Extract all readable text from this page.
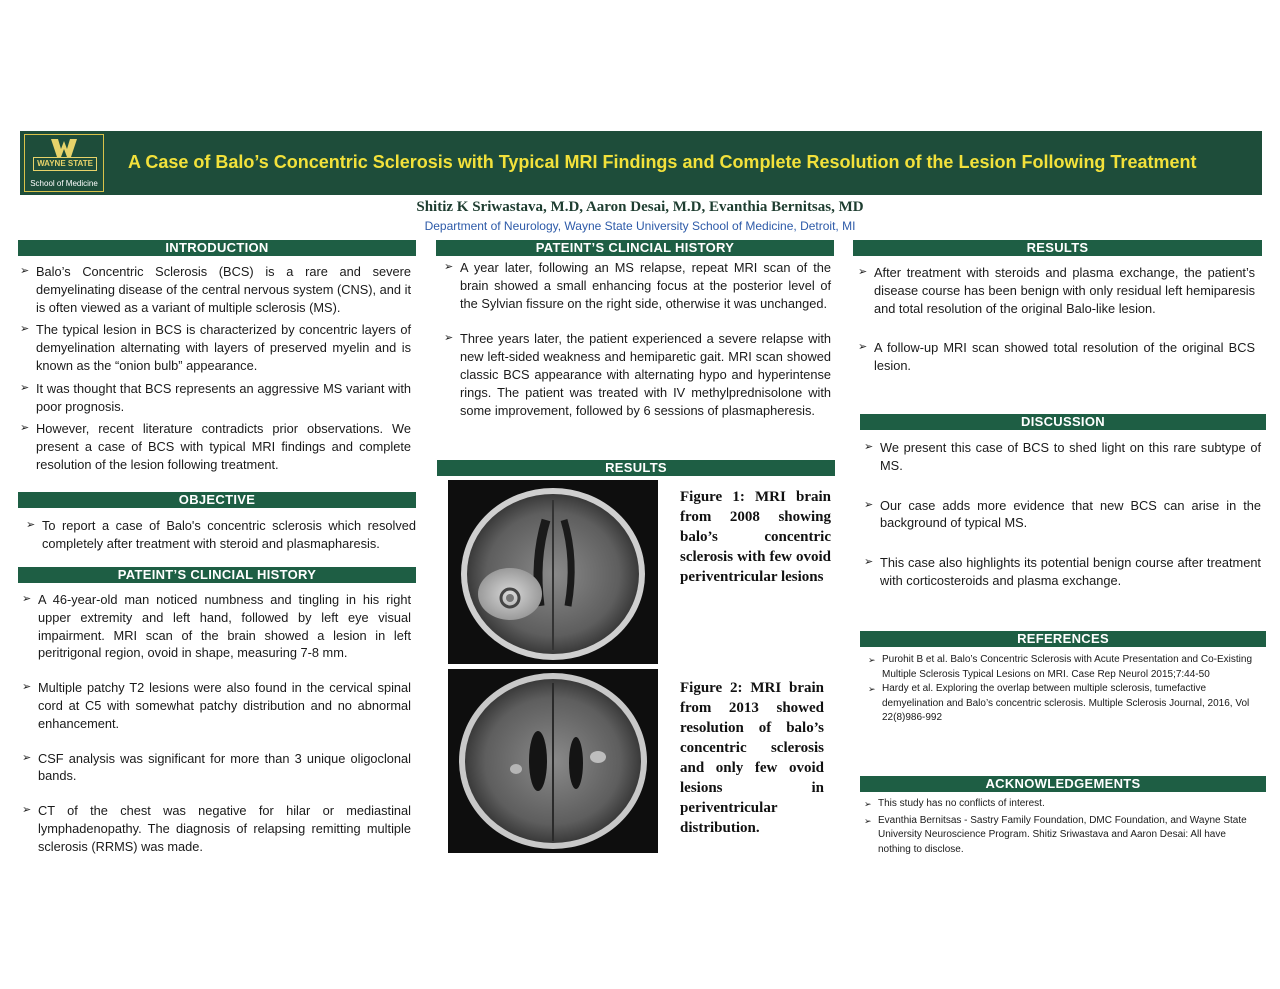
WAYNE STATE
School of Medicine
A Case of Balo’s Concentric Sclerosis with Typical MRI Findings and Complete Resolution of the Lesion Following Treatment
Shitiz K Sriwastava, M.D, Aaron Desai, M.D, Evanthia Bernitsas, MD
Department of Neurology, Wayne State University School of Medicine, Detroit, MI
INTRODUCTION
➢ Balo’s Concentric Sclerosis (BCS) is a rare and severe demyelinating disease of the central nervous system (CNS), and it is often viewed as a variant of multiple sclerosis (MS).
➢ The typical lesion in BCS is characterized by concentric layers of demyelination alternating with layers of preserved myelin and is known as the “onion bulb” appearance.
➢ It was thought that BCS represents an aggressive MS variant with poor prognosis.
➢ However, recent literature contradicts prior observations. We present a case of BCS with typical MRI findings and complete resolution of the lesion following treatment.
OBJECTIVE
➢ To report a case of Balo's concentric sclerosis which resolved completely after treatment with steroid and plasmapharesis.
PATEINT’S CLINCIAL HISTORY
➢ A 46-year-old man noticed numbness and tingling in his right upper extremity and left hand, followed by left eye visual impairment. MRI scan of the brain showed a lesion in left peritrigonal region, ovoid in shape, measuring 7-8 mm.
➢ Multiple patchy T2 lesions were also found in the cervical spinal cord at C5 with somewhat patchy distribution and no abnormal enhancement.
➢ CSF analysis was significant for more than 3 unique oligoclonal bands.
➢ CT of the chest was negative for hilar or mediastinal lymphadenopathy. The diagnosis of relapsing remitting multiple sclerosis (RRMS) was made.
PATEINT’S CLINCIAL HISTORY
➢ A year later, following an MS relapse, repeat MRI scan of the brain showed a small enhancing focus at the posterior level of the Sylvian fissure on the right side, otherwise it was unchanged.
➢ Three years later, the patient experienced a severe relapse with new left-sided weakness and hemiparetic gait. MRI scan showed classic BCS appearance with alternating hypo and hyperintense rings. The patient was treated with IV methylprednisolone with some improvement, followed by 6 sessions of plasmapheresis.
RESULTS
Figure 1: MRI brain from 2008 showing balo’s concentric sclerosis with few ovoid periventricular lesions
Figure 2: MRI brain from 2013 showed resolution of balo’s concentric sclerosis and only few ovoid lesions in periventricular distribution.
RESULTS
➢ After treatment with steroids and plasma exchange, the patient’s disease course has been benign with only residual left hemiparesis and total resolution of the original Balo-like lesion.
➢ A follow-up MRI scan showed total resolution of the original BCS lesion.
DISCUSSION
➢ We present this case of BCS to shed light on this rare subtype of MS.
➢ Our case adds more evidence that new BCS can arise in the background of typical MS.
➢ This case also highlights its potential benign course after treatment with corticosteroids and plasma exchange.
REFERENCES
➢ Purohit B et al. Balo’s Concentric Sclerosis with Acute Presentation and Co-Existing Multiple Sclerosis Typical Lesions on MRI. Case Rep Neurol 2015;7:44-50
➢ Hardy et al. Exploring the overlap between multiple sclerosis, tumefactive demyelination and Balo’s concentric sclerosis. Multiple Sclerosis Journal, 2016, Vol 22(8)986-992
ACKNOWLEDGEMENTS
➢ This study has no conflicts of interest.
➢ Evanthia Bernitsas - Sastry Family Foundation, DMC Foundation, and Wayne State University Neuroscience Program. Shitiz Sriwastava and Aaron Desai: All have nothing to disclose.
